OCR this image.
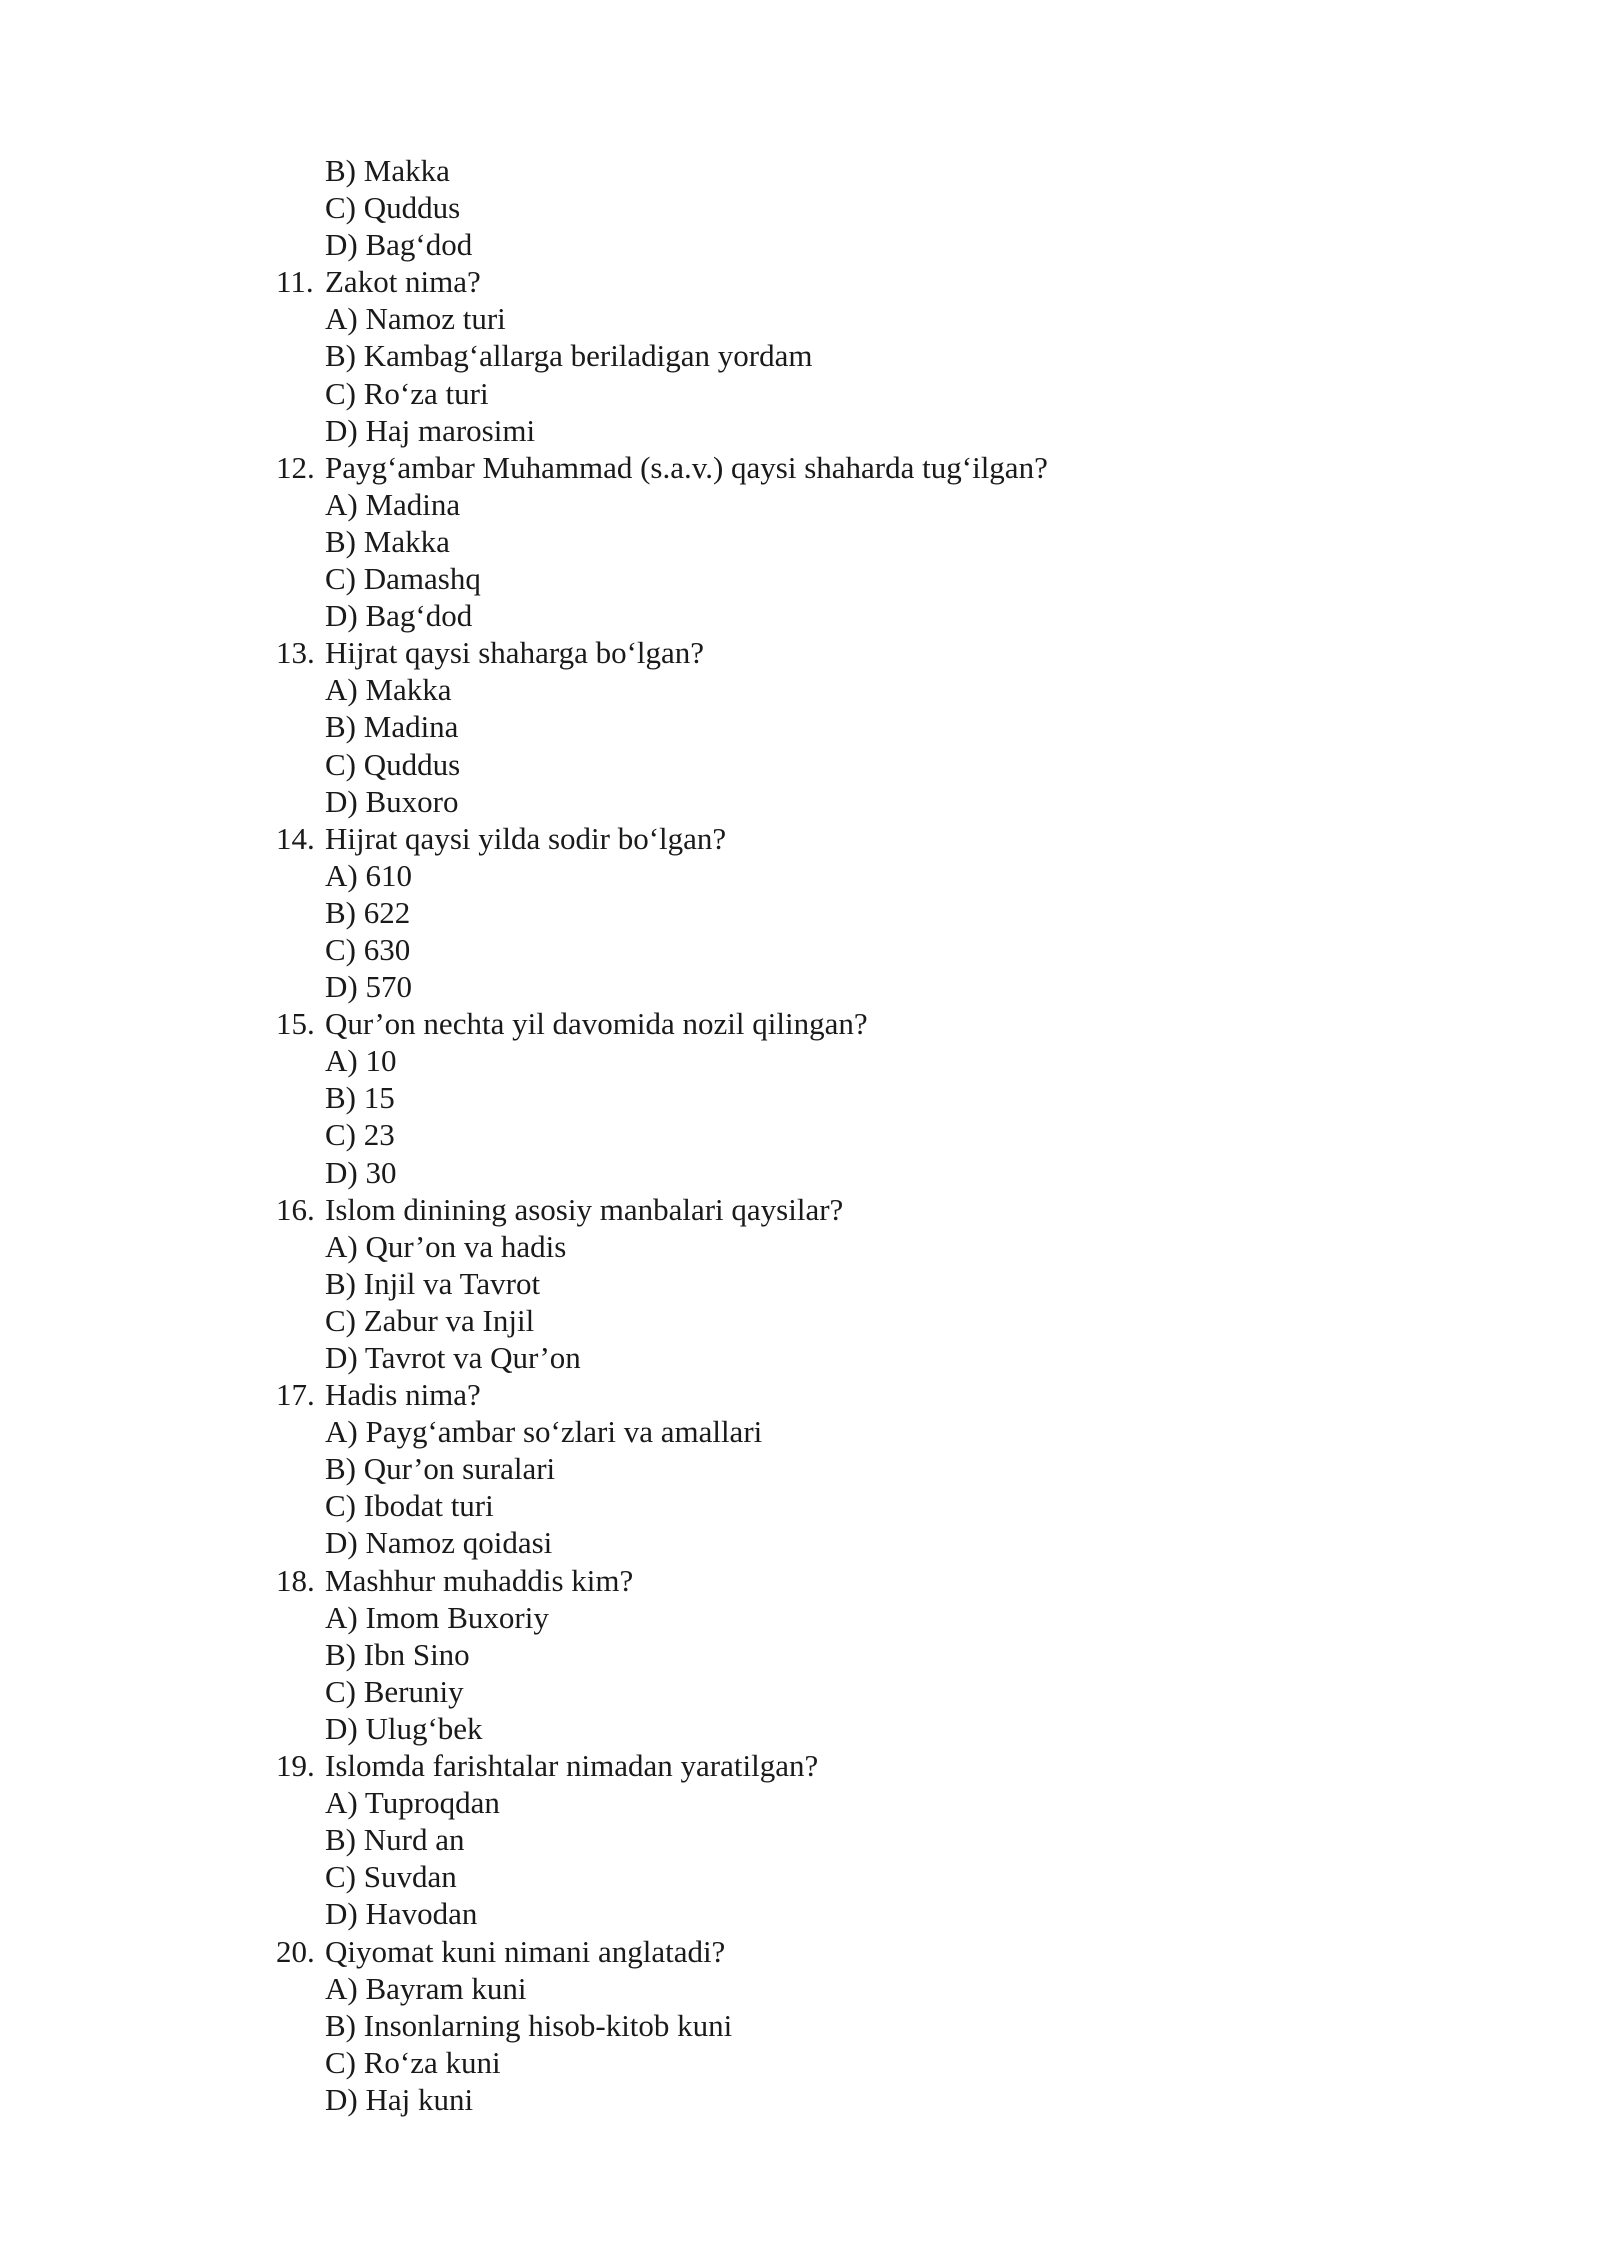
B) Makka
C) Quddus
D) Bag‘dod
11. Zakot nima?
A) Namoz turi
B) Kambag‘allarga beriladigan yordam
C) Ro‘za turi
D) Haj marosimi
12. Payg‘ambar Muhammad (s.a.v.) qaysi shaharda tug‘ilgan?
A) Madina
B) Makka
C) Damashq
D) Bag‘dod
13. Hijrat qaysi shaharga bo‘lgan?
A) Makka
B) Madina
C) Quddus
D) Buxoro
14. Hijrat qaysi yilda sodir bo‘lgan?
A) 610
B) 622
C) 630
D) 570
15. Qur’on nechta yil davomida nozil qilingan?
A) 10
B) 15
C) 23
D) 30
16. Islom dinining asosiy manbalari qaysilar?
A) Qur’on va hadis
B) Injil va Tavrot
C) Zabur va Injil
D) Tavrot va Qur’on
17. Hadis nima?
A) Payg‘ambar so‘zlari va amallari
B) Qur’on suralari
C) Ibodat turi
D) Namoz qoidasi
18. Mashhur muhaddis kim?
A) Imom Buxoriy
B) Ibn Sino
C) Beruniy
D) Ulug‘bek
19. Islomda farishtalar nimadan yaratilgan?
A) Tuproqdan
B) Nurd an
C) Suvdan
D) Havodan
20. Qiyomat kuni nimani anglatadi?
A) Bayram kuni
B) Insonlarning hisob-kitob kuni
C) Ro‘za kuni
D) Haj kuni
